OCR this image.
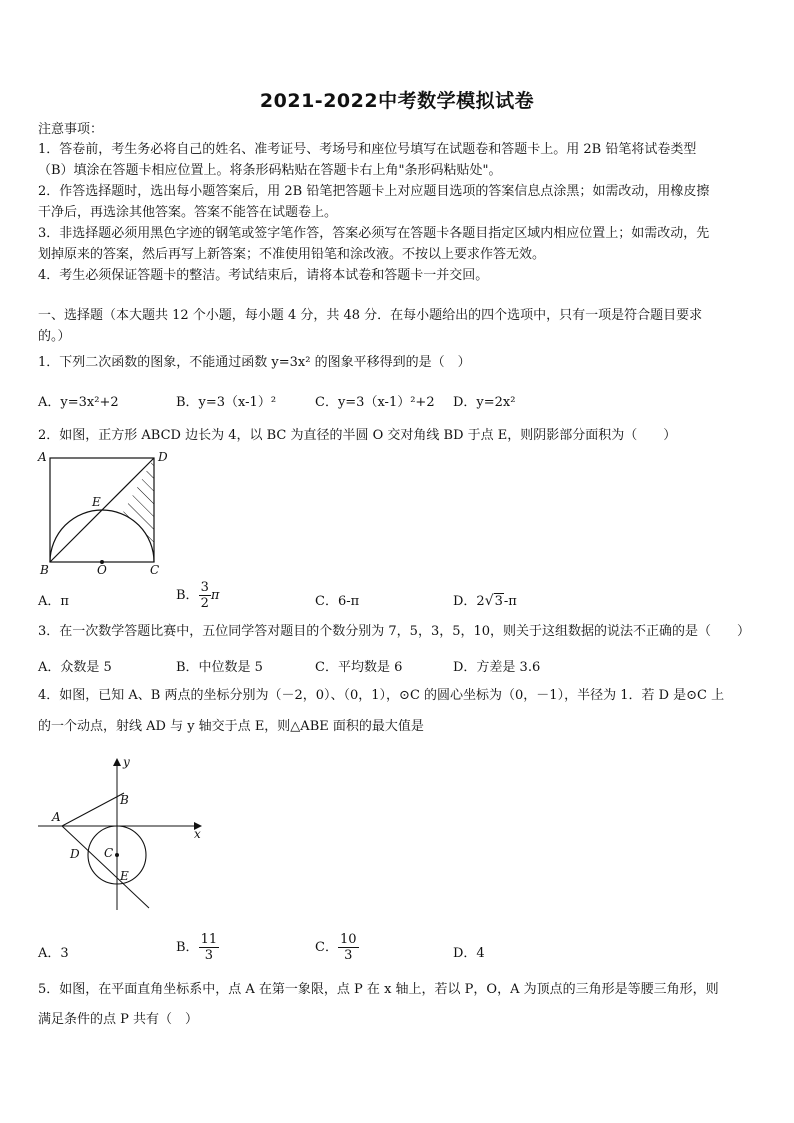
2021-2022中考数学模拟试卷
注意事项：
1．答卷前，考生务必将自己的姓名、准考证号、考场号和座位号填写在试题卷和答题卡上。用 2B 铅笔将试卷类型
（B）填涂在答题卡相应位置上。将条形码粘贴在答题卡右上角"条形码粘贴处"。
2．作答选择题时，选出每小题答案后，用 2B 铅笔把答题卡上对应题目选项的答案信息点涂黑；如需改动，用橡皮擦
干净后，再选涂其他答案。答案不能答在试题卷上。
3．非选择题必须用黑色字迹的钢笔或签字笔作答，答案必须写在答题卡各题目指定区域内相应位置上；如需改动，先
划掉原来的答案，然后再写上新答案；不准使用铅笔和涂改液。不按以上要求作答无效。
4．考生必须保证答题卡的整洁。考试结束后，请将本试卷和答题卡一并交回。
一、选择题（本大题共 12 个小题，每小题 4 分，共 48 分．在每小题给出的四个选项中，只有一项是符合题目要求
的。）
1．下列二次函数的图象，不能通过函数 y=3x² 的图象平移得到的是（　）
A．y=3x²+2	B．y=3（x-1）²	C．y=3（x-1）²+2 D．y=2x²
2．如图，正方形 ABCD 边长为 4，以 BC 为直径的半圆 O 交对角线 BD 于点 E，则阴影部分面积为（　　）
A	D
E
B	O	C
A．π	B． $\frac{3}{2}$ π	C．6-π	D．2√3-π
3．在一次数学答题比赛中，五位同学答对题目的个数分别为 7，5，3，5，10，则关于这组数据的说法不正确的是（　　）
A．众数是 5	B．中位数是 5	C．平均数是 6	D．方差是 3.6
4．如图，已知 A、B 两点的坐标分别为（－2，0）、（0，1），⊙C 的圆心坐标为（0，－1），半径为 1．若 D 是⊙C 上
的一个动点，射线 AD 与 y 轴交于点 E，则△ABE 面积的最大值是
y
x
A
B
C
D
E
A．3	B． $\frac{11}{3}$	C． $\frac{10}{3}$	D．4
5．如图，在平面直角坐标系中，点 A 在第一象限，点 P 在 x 轴上，若以 P，O，A 为顶点的三角形是等腰三角形，则
满足条件的点 P 共有（　）
